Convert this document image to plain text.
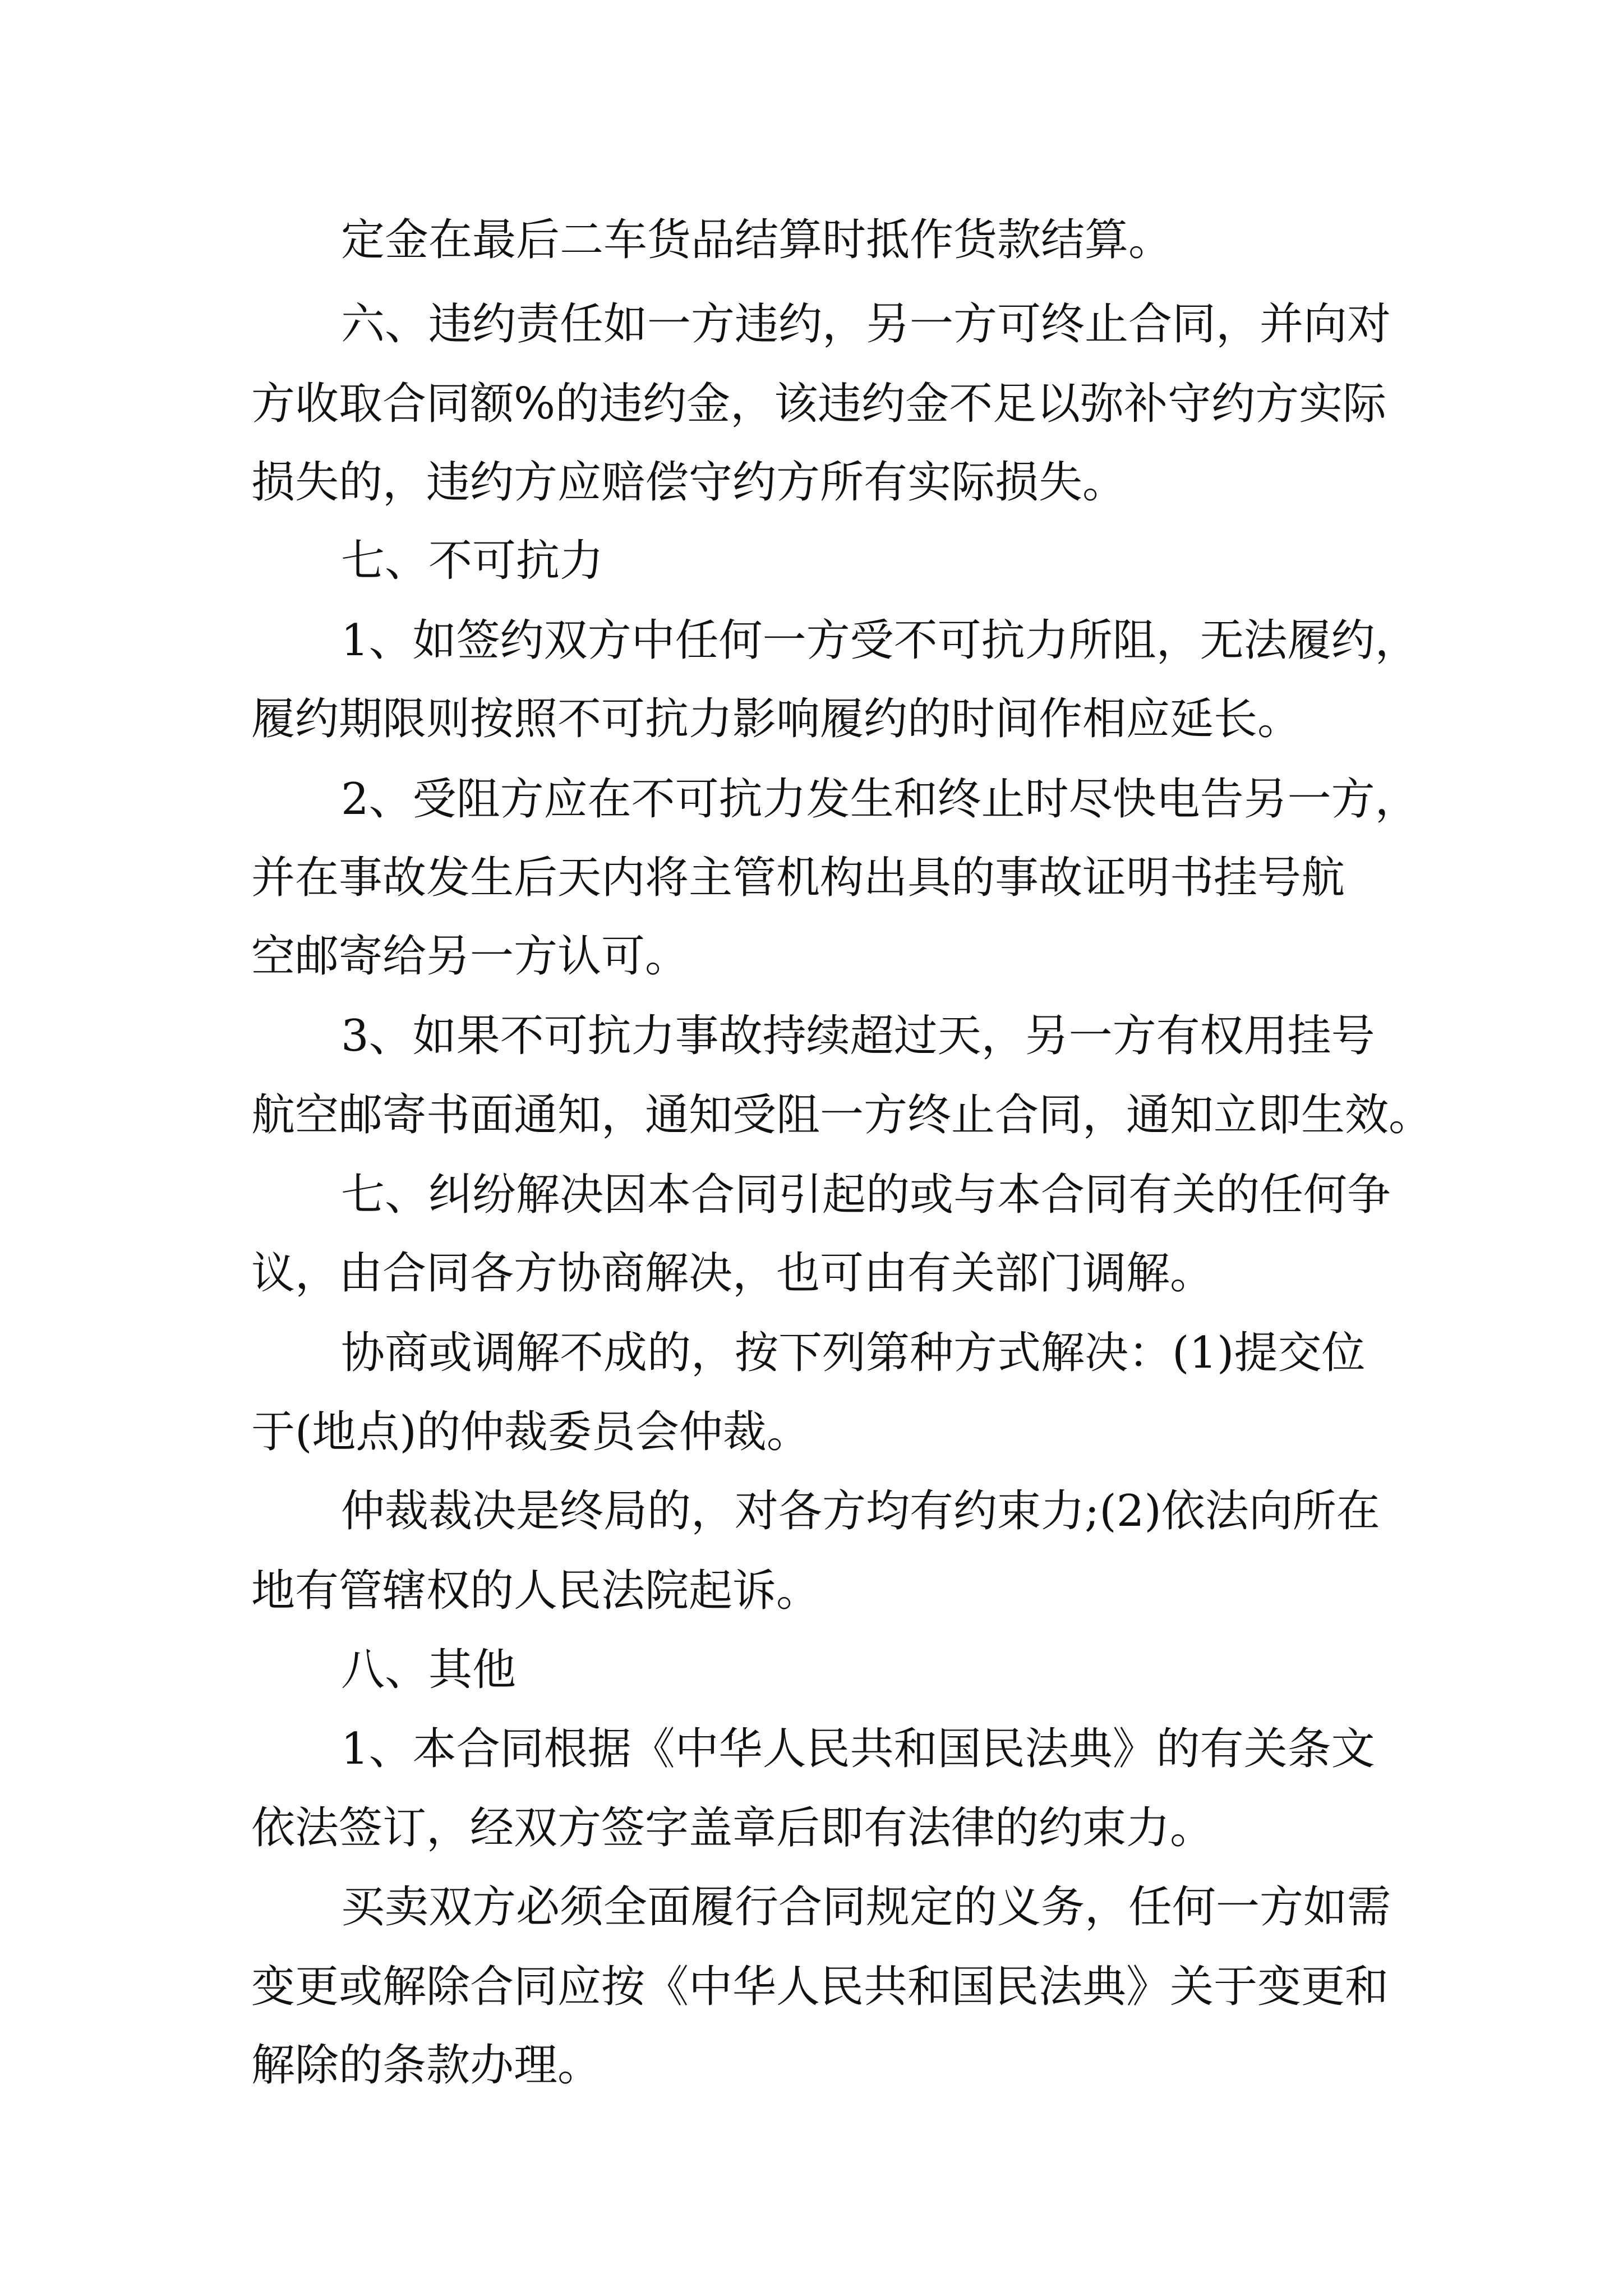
定金在最后二车货品结算时抵作货款结算。
六、违约责任如一方违约，另一方可终止合同，并向对
方收取合同额%的违约金，该违约金不足以弥补守约方实际
损失的，违约方应赔偿守约方所有实际损失。
七、不可抗力
1、如签约双方中任何一方受不可抗力所阻，无法履约，
履约期限则按照不可抗力影响履约的时间作相应延长。
2、受阻方应在不可抗力发生和终止时尽快电告另一方，
并在事故发生后天内将主管机构出具的事故证明书挂号航
空邮寄给另一方认可。
3、如果不可抗力事故持续超过天，另一方有权用挂号
航空邮寄书面通知，通知受阻一方终止合同，通知立即生效。
七、纠纷解决因本合同引起的或与本合同有关的任何争
议，由合同各方协商解决，也可由有关部门调解。
协商或调解不成的，按下列第种方式解决：(1)提交位
于(地点)的仲裁委员会仲裁。
仲裁裁决是终局的，对各方均有约束力;(2)依法向所在
地有管辖权的人民法院起诉。
八、其他
1、本合同根据《中华人民共和国民法典》的有关条文
依法签订，经双方签字盖章后即有法律的约束力。
买卖双方必须全面履行合同规定的义务，任何一方如需
变更或解除合同应按《中华人民共和国民法典》关于变更和
解除的条款办理。
